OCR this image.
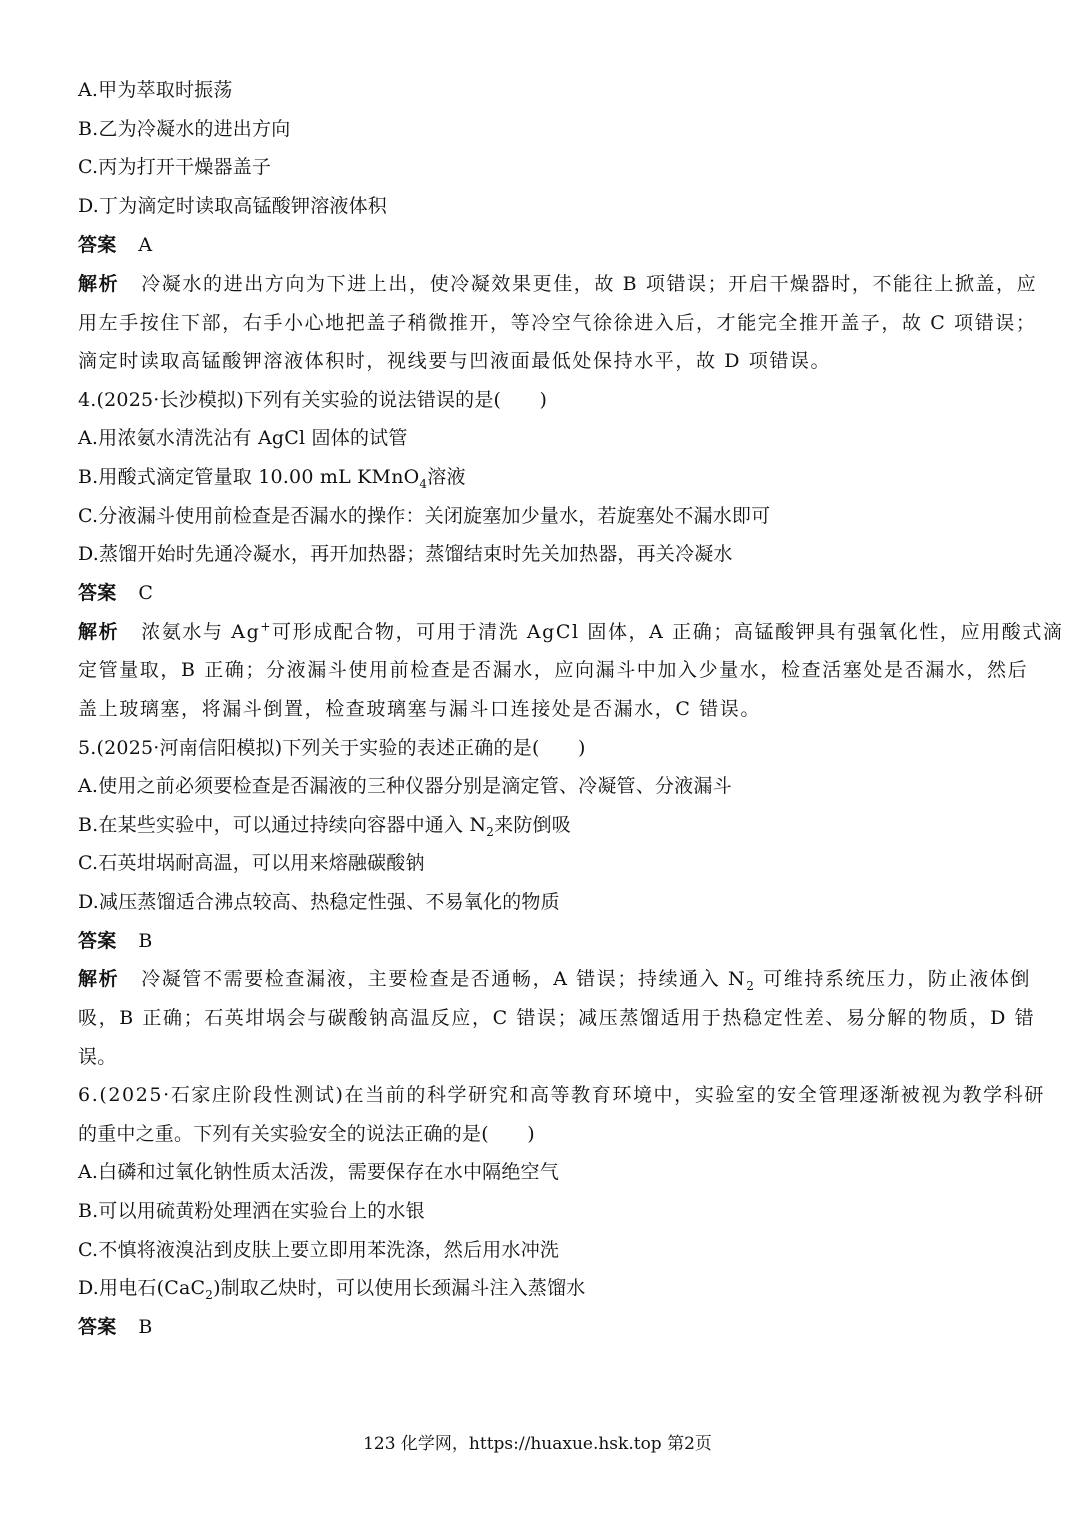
A.甲为萃取时振荡
B.乙为冷凝水的进出方向
C.丙为打开干燥器盖子
D.丁为滴定时读取高锰酸钾溶液体积
答案 A
解析 冷凝水的进出方向为下进上出，使冷凝效果更佳，故 B 项错误；开启干燥器时，不能往上掀盖，应
用左手按住下部，右手小心地把盖子稍微推开，等冷空气徐徐进入后，才能完全推开盖子，故 C 项错误；
滴定时读取高锰酸钾溶液体积时，视线要与凹液面最低处保持水平，故 D 项错误。
4.(2025·长沙模拟)下列有关实验的说法错误的是(　　)
A.用浓氨水清洗沾有 AgCl 固体的试管
B.用酸式滴定管量取 10.00 mL KMnO$_4$溶液
C.分液漏斗使用前检查是否漏水的操作：关闭旋塞加少量水，若旋塞处不漏水即可
D.蒸馏开始时先通冷凝水，再开加热器；蒸馏结束时先关加热器，再关冷凝水
答案 C
解析 浓氨水与 Ag+可形成配合物，可用于清洗 AgCl 固体，A 正确；高锰酸钾具有强氧化性，应用酸式滴
定管量取，B 正确；分液漏斗使用前检查是否漏水，应向漏斗中加入少量水，检查活塞处是否漏水，然后
盖上玻璃塞，将漏斗倒置，检查玻璃塞与漏斗口连接处是否漏水，C 错误。
5.(2025·河南信阳模拟)下列关于实验的表述正确的是(　　)
A.使用之前必须要检查是否漏液的三种仪器分别是滴定管、冷凝管、分液漏斗
B.在某些实验中，可以通过持续向容器中通入 $N_2$来防倒吸
C.石英坩埚耐高温，可以用来熔融碳酸钠
D.减压蒸馏适合沸点较高、热稳定性强、不易氧化的物质
答案 B
解析 冷凝管不需要检查漏液，主要检查是否通畅，A 错误；持续通入 $N_2$ 可维持系统压力，防止液体倒
吸，B 正确；石英坩埚会与碳酸钠高温反应，C 错误；减压蒸馏适用于热稳定性差、易分解的物质，D 错
误。
6.(2025·石家庄阶段性测试)在当前的科学研究和高等教育环境中，实验室的安全管理逐渐被视为教学科研
的重中之重。下列有关实验安全的说法正确的是(　　)
A.白磷和过氧化钠性质太活泼，需要保存在水中隔绝空气
B.可以用硫黄粉处理洒在实验台上的水银
C.不慎将液溴沾到皮肤上要立即用苯洗涤，然后用水冲洗
D.用电石(CaC$_2$)制取乙炔时，可以使用长颈漏斗注入蒸馏水
答案 B
123 化学网，https://huaxue.hsk.top 第2页
